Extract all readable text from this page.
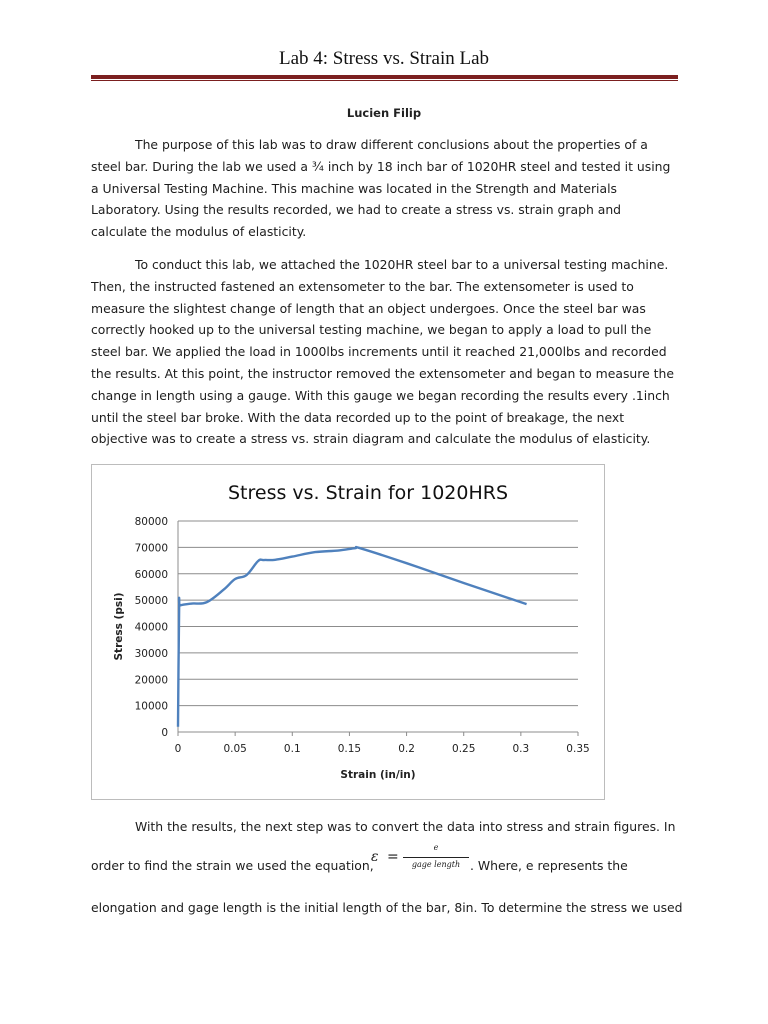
Lab 4: Stress vs. Strain Lab
Lucien Filip

The purpose of this lab was to draw different conclusions about the properties of a steel bar. During the lab we used a ¾ inch by 18 inch bar of 1020HR steel and tested it using a Universal Testing Machine. This machine was located in the Strength and Materials Laboratory. Using the results recorded, we had to create a stress vs. strain graph and calculate the modulus of elasticity.

To conduct this lab, we attached the 1020HR steel bar to a universal testing machine. Then, the instructed fastened an extensometer to the bar. The extensometer is used to measure the slightest change of length that an object undergoes. Once the steel bar was correctly hooked up to the universal testing machine, we began to apply a load to pull the steel bar. We applied the load in 1000lbs increments until it reached 21,000lbs and recorded the results. At this point, the instructor removed the extensometer and began to measure the change in length using a gauge. With this gauge we began recording the results every .1inch until the steel bar broke. With the data recorded up to the point of breakage, the next objective was to create a stress vs. strain diagram and calculate the modulus of elasticity.

Stress vs. Strain for 1020HRS
0
10000
20000
30000
40000
50000
60000
70000
80000
0	0.05	0.1	0.15	0.2	0.25	0.3	0.35
Strain (in/in)
Stress (psi)

With the results, the next step was to convert the data into stress and strain figures. In

order to find the strain we used the equation,
ε =
e
gage length . Where, e represents the
elongation and gage length is the initial length of the bar, 8in. To determine the stress we used
